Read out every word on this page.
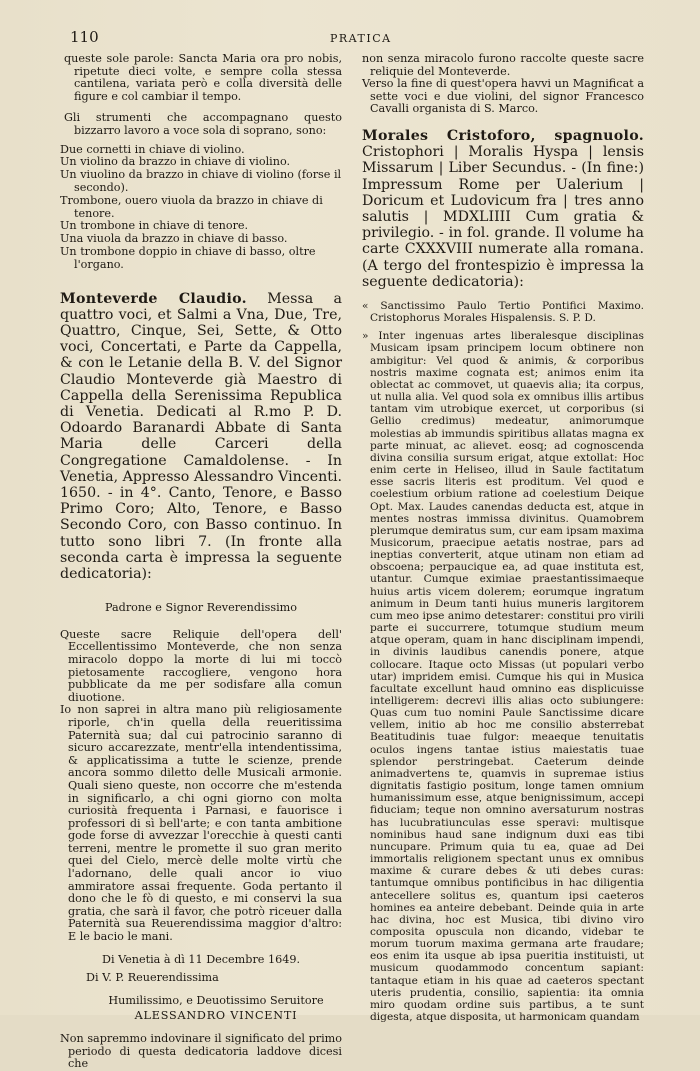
110	PRATICA

queste sole parole: Sancta Maria ora pro nobis, ripetute dieci volte, e sempre colla stessa cantilena, variata però e colla diversità delle figure e col cambiar il tempo.

Gli strumenti che accompagnano questo bizzarro lavoro a voce sola di soprano, sono:

Due cornetti in chiave di violino.
Un violino da brazzo in chiave di violino.
Un viuolino da brazzo in chiave di violino (forse il secondo).
Trombone, ouero viuola da brazzo in chiave di tenore.
Un trombone in chiave di tenore.
Una viuola da brazzo in chiave di basso.
Un trombone doppio in chiave di basso, oltre l'organo.

Monteverde Claudio. Messa a quattro voci, et Salmi a Vna, Due, Tre, Quattro, Cinque, Sei, Sette, & Otto voci, Concertati, e Parte da Cappella, & con le Letanie della B. V. del Signor Claudio Monteverde già Maestro di Cappella della Serenissima Republica di Venetia. Dedicati al R.mo P. D. Odoardo Baranardi Abbate di Santa Maria delle Carceri della Congregatione Camaldolense. - In Venetia, Appresso Alessandro Vincenti. 1650. - in 4°. Canto, Tenore, e Basso Primo Coro; Alto, Tenore, e Basso Secondo Coro, con Basso continuo. In tutto sono libri 7. (In fronte alla seconda carta è impressa la seguente dedicatoria):

Padrone e Signor Reverendissimo

Queste sacre Reliquie dell'opera dell' Eccellentissimo Monteverde, che non senza miracolo doppo la morte di lui mi toccò pietosamente raccogliere, vengono hora pubblicate da me per sodisfare alla comun diuotione.

Io non saprei in altra mano più religiosamente riporle, ch'in quella della reueritissima Paternità sua; dal cui patrocinio saranno di sicuro accarezzate, mentr'ella intendentissima, & applicatissima a tutte le scienze, prende ancora sommo diletto delle Musicali armonie. Quali sieno queste, non occorre che m'estenda in significarlo, a chi ogni giorno con molta curiosità frequenta i Parnasi, e fauorisce i professori di sì bell'arte; e con tanta ambitione gode forse di avvezzar l'orecchie à questi canti terreni, mentre le promette il suo gran merito quei del Cielo, mercè delle molte virtù che l'adornano, delle quali ancor io viuo ammiratore assai frequente. Goda pertanto il dono che le fò di questo, e mi conservi la sua gratia, che sarà il favor, che potrò riceuer dalla Paternità sua Reuerendissima maggior d'altro: E le bacio le mani.

Di Venetia à dì 11 Decembre 1649.

Di V. P. Reuerendissima

Humilissimo, e Deuotissimo Seruitore

ALESSANDRO VINCENTI

Non sapremmo indovinare il significato del primo periodo di questa dedicatoria laddove dicesi che

non senza miracolo furono raccolte queste sacre reliquie del Monteverde.

Verso la fine di quest'opera havvi un Magnificat a sette voci e due violini, del signor Francesco Cavalli organista di S. Marco.

Morales Cristoforo, spagnuolo. Cristophori | Moralis Hyspa | lensis Missarum | Liber Secundus. - (In fine:) Impressum Rome per Ualerium | Doricum et Ludovicum fra | tres anno salutis | MDXLIIII Cum gratia & privilegio. - in fol. grande. Il volume ha carte CXXXVIII numerate alla romana. (A tergo del frontespizio è impressa la seguente dedicatoria):

« Sanctissimo Paulo Tertio Pontifici Maximo. Cristophorus Morales Hispalensis. S. P. D.

» Inter ingenuas artes liberalesque disciplinas Musicam ipsam principem locum obtinere non ambigitur: Vel quod & animis, & corporibus nostris maxime cognata est; animos enim ita oblectat ac commovet, ut quaevis alia; ita corpus, ut nulla alia. Vel quod sola ex omnibus illis artibus tantam vim utrobique exercet, ut corporibus (si Gellio credimus) medeatur, animorumque molestias ab immundis spiritibus allatas magna ex parte minuat, ac alievet. eosq; ad cognoscenda divina consilia sursum erigat, atque extollat: Hoc enim certe in Heliseo, illud in Saule factitatum esse sacris literis est proditum. Vel quod e coelestium orbium ratione ad coelestium Deique Opt. Max. Laudes canendas deducta est, atque in mentes nostras immissa divinitus. Quamobrem plerumque demiratus sum, cur eam ipsam maxima Musicorum, praecipue aetatis nostrae, pars ad ineptias converterit, atque utinam non etiam ad obscoena; perpaucique ea, ad quae instituta est, utantur. Cumque eximiae praestantissimaeque huius artis vicem dolerem; eorumque ingratum animum in Deum tanti huius muneris largitorem cum meo ipse animo detestarer: constitui pro virili parte ei succurrere, totumque studium meum atque operam, quam in hanc disciplinam impendi, in divinis laudibus canendis ponere, atque collocare. Itaque octo Missas (ut populari verbo utar) impridem emisi. Cumque his qui in Musica facultate excellunt haud omnino eas displicuisse intelligerem: decrevi illis alias octo subiungere: Quas cum tuo nomini Paule Sanctissime dicare vellem, initio ab hoc me consilio absterrebat Beatitudinis tuae fulgor: meaeque tenuitatis oculos ingens tantae istius maiestatis tuae splendor perstringebat. Caeterum deinde animadvertens te, quamvis in supremae istius dignitatis fastigio positum, longe tamen omnium humanissimum esse, atque benignissimum, accepi fiduciam; teque non omnino aversaturum nostras has lucubratiunculas esse speravi: multisque nominibus haud sane indignum duxi eas tibi nuncupare. Primum quia tu ea, quae ad Dei immortalis religionem spectant unus ex omnibus maxime & curare debes & uti debes curas: tantumque omnibus pontificibus in hac diligentia antecellere solitus es, quantum ipsi caeteros homines ea anteire debebant. Deinde quia in arte hac divina, hoc est Musica, tibi divino viro composita opuscula non dicando, videbar te morum tuorum maxima germana arte fraudare; eos enim ita usque ab ipsa pueritia instituisti, ut musicum quodammodo concentum sapiant: tantaque etiam in his quae ad caeteros spectant uteris prudentia, consilio, sapientia: ita omnia miro quodam ordine suis partibus, a te sunt digesta, atque disposita, ut harmonicam quandam
